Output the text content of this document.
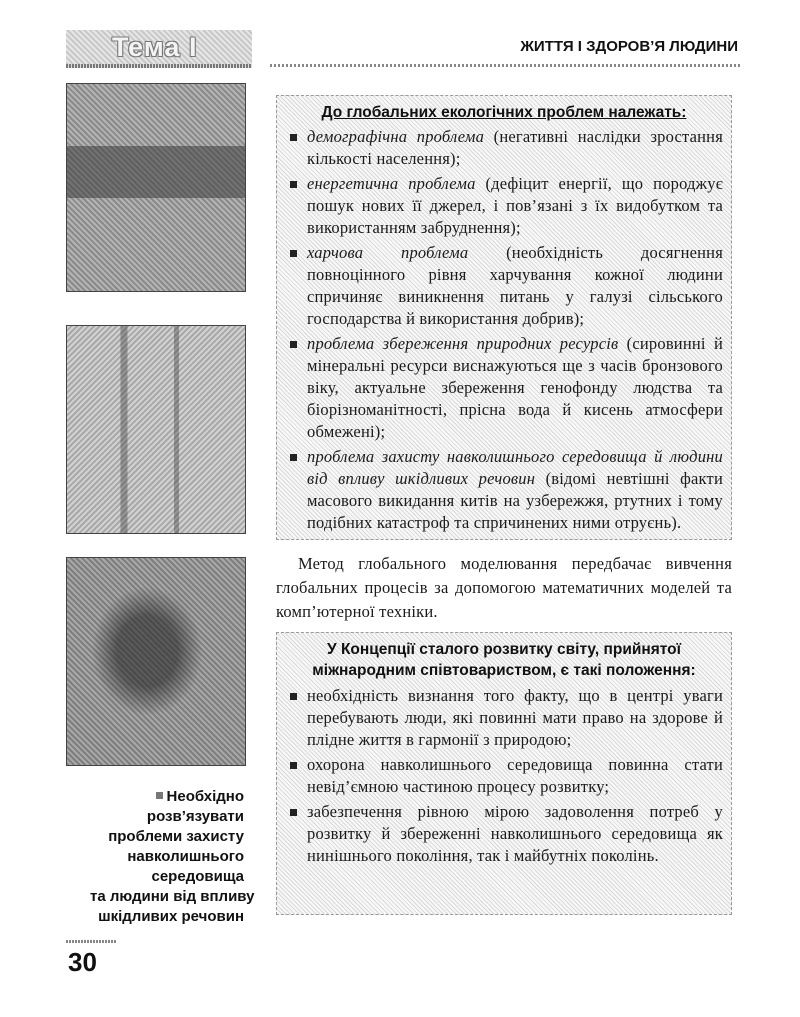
Тема I	ЖИТТЯ І ЗДОРОВ’Я ЛЮДИНИ
Необхідно
розв’язувати
проблеми захисту
навколишнього
середовища
та людини від впливу
шкідливих речовин
До глобальних екологічних проблем належать:
демографічна проблема (негативні наслідки зростання кількості населення);
енергетична проблема (дефіцит енергії, що породжує пошук нових її джерел, і пов’язані з їх видобутком та використанням забруднення);
харчова проблема (необхідність досягнення повноцінного рівня харчування кожної людини спричиняє виникнення питань у галузі сільського господарства й використання добрив);
проблема збереження природних ресурсів (сировинні й мінеральні ресурси виснажуються ще з часів бронзового віку, актуальне збереження генофонду людства та біорізноманітності, прісна вода й кисень атмосфери обмежені);
проблема захисту навколишнього середовища й людини від впливу шкідливих речовин (відомі невтішні факти масового викидання китів на узбережжя, ртутних і тому подібних катастроф та спричинених ними отруєнь).
Метод глобального моделювання передбачає вивчення глобальних процесів за допомогою математичних моделей та комп’ютерної техніки.
У Концепції сталого розвитку світу, прийнятої
міжнародним співтовариством, є такі положення:
необхідність визнання того факту, що в центрі уваги перебувають люди, які повинні мати право на здорове й плідне життя в гармонії з природою;
охорона навколишнього середовища повинна стати невід’ємною частиною процесу розвитку;
забезпечення рівною мірою задоволення потреб у розвитку й збереженні навколишнього середовища як нинішнього покоління, так і майбутніх поколінь.
30
